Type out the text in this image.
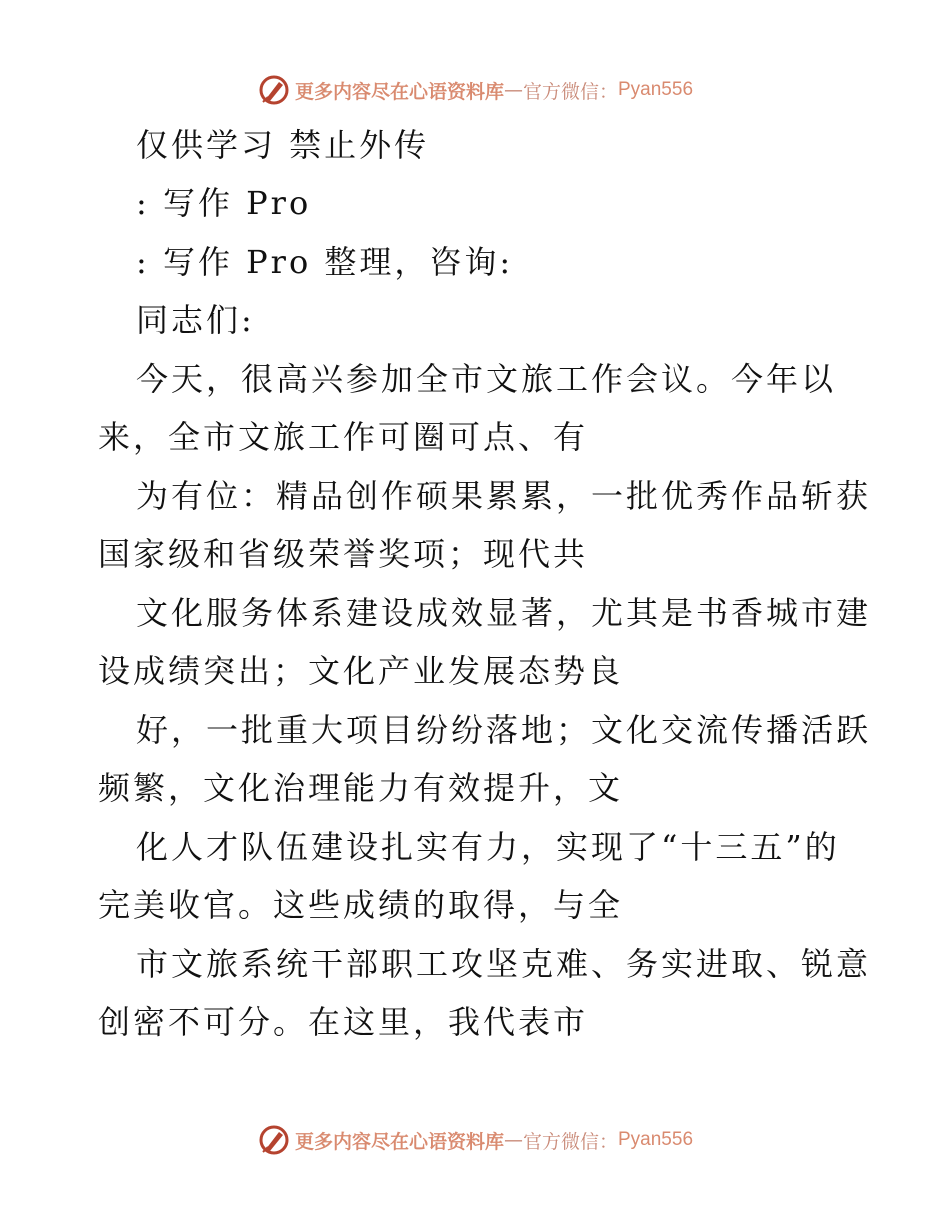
更多内容尽在心语资料库 — 官方微信： Pyan556
仅供学习 禁止外传
: 写作 Pro
: 写作 Pro 整理，咨询:
同志们:
今天，很高兴参加全市文旅工作会议。今年以
来，全市文旅工作可圈可点、有
为有位：精品创作硕果累累，一批优秀作品斩获
国家级和省级荣誉奖项；现代共
文化服务体系建设成效显著，尤其是书香城市建
设成绩突出；文化产业发展态势良
好，一批重大项目纷纷落地；文化交流传播活跃
频繁，文化治理能力有效提升，文
化人才队伍建设扎实有力，实现了“十三五”的
完美收官。这些成绩的取得，与全
市文旅系统干部职工攻坚克难、务实进取、锐意
创密不可分。在这里，我代表市
更多内容尽在心语资料库 — 官方微信： Pyan556
